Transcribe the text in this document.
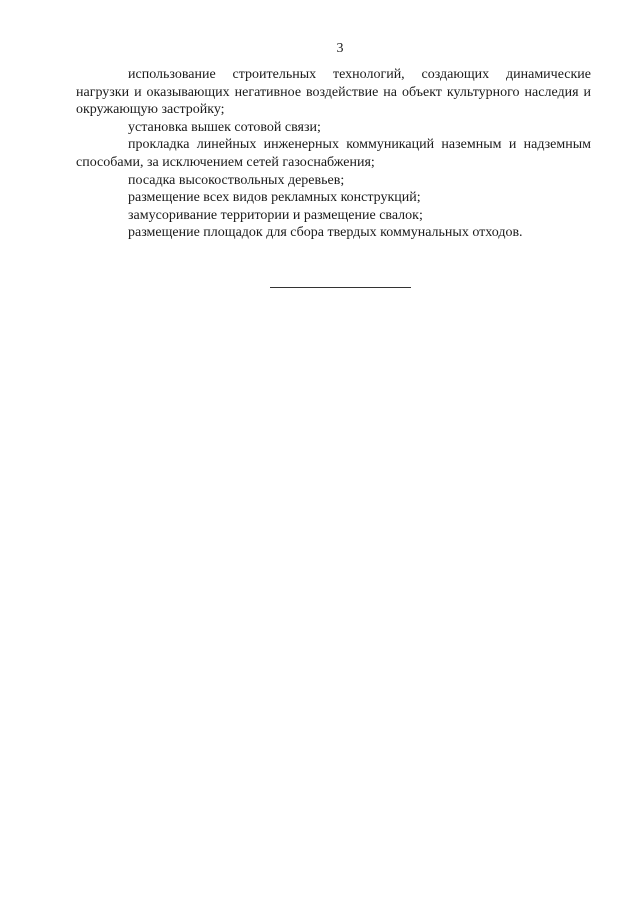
3

использование строительных технологий, создающих динамические нагрузки и оказывающих негативное воздействие на объект культурного наследия и окружающую застройку;

установка вышек сотовой связи;

прокладка линейных инженерных коммуникаций наземным и надземным способами, за исключением сетей газоснабжения;

посадка высокоствольных деревьев;

размещение всех видов рекламных конструкций;

замусоривание территории и размещение свалок;

размещение площадок для сбора твердых коммунальных отходов.
